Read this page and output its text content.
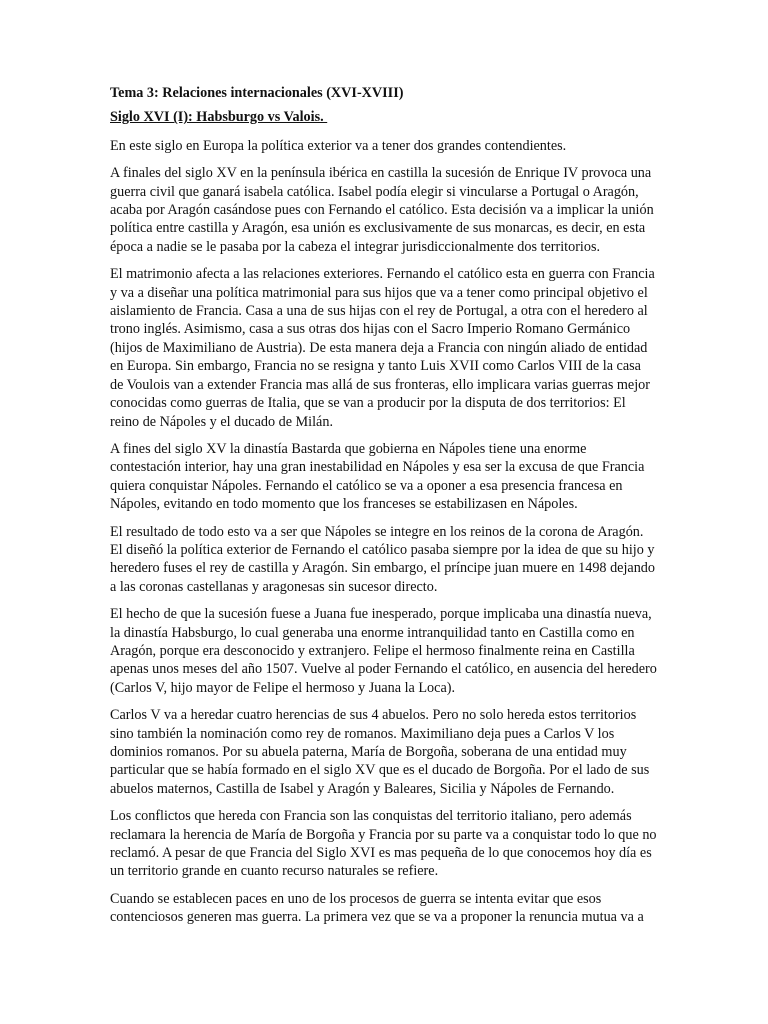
Tema 3: Relaciones internacionales (XVI-XVIII)
Siglo XVI (I): Habsburgo vs Valois.
En este siglo en Europa la política exterior va a tener dos grandes contendientes.
A finales del siglo XV en la península ibérica en castilla la sucesión de Enrique IV provoca una
guerra civil que ganará isabela católica. Isabel podía elegir si vincularse a Portugal o Aragón,
acaba por Aragón casándose pues con Fernando el católico. Esta decisión va a implicar la unión
política entre castilla y Aragón, esa unión es exclusivamente de sus monarcas, es decir, en esta
época a nadie se le pasaba por la cabeza el integrar jurisdiccionalmente dos territorios.
El matrimonio afecta a las relaciones exteriores. Fernando el católico esta en guerra con Francia
y va a diseñar una política matrimonial para sus hijos que va a tener como principal objetivo el
aislamiento de Francia. Casa a una de sus hijas con el rey de Portugal, a otra con el heredero al
trono inglés. Asimismo, casa a sus otras dos hijas con el Sacro Imperio Romano Germánico
(hijos de Maximiliano de Austria). De esta manera deja a Francia con ningún aliado de entidad
en Europa. Sin embargo, Francia no se resigna y tanto Luis XVII como Carlos VIII de la casa
de Voulois van a extender Francia mas allá de sus fronteras, ello implicara varias guerras mejor
conocidas como guerras de Italia, que se van a producir por la disputa de dos territorios: El
reino de Nápoles y el ducado de Milán.
A fines del siglo XV la dinastía Bastarda que gobierna en Nápoles tiene una enorme
contestación interior, hay una gran inestabilidad en Nápoles y esa ser la excusa de que Francia
quiera conquistar Nápoles. Fernando el católico se va a oponer a esa presencia francesa en
Nápoles, evitando en todo momento que los franceses se estabilizasen en Nápoles.
El resultado de todo esto va a ser que Nápoles se integre en los reinos de la corona de Aragón.
El diseñó la política exterior de Fernando el católico pasaba siempre por la idea de que su hijo y
heredero fuses el rey de castilla y Aragón. Sin embargo, el príncipe juan muere en 1498 dejando
a las coronas castellanas y aragonesas sin sucesor directo.
El hecho de que la sucesión fuese a Juana fue inesperado, porque implicaba una dinastía nueva,
la dinastía Habsburgo, lo cual generaba una enorme intranquilidad tanto en Castilla como en
Aragón, porque era desconocido y extranjero. Felipe el hermoso finalmente reina en Castilla
apenas unos meses del año 1507. Vuelve al poder Fernando el católico, en ausencia del heredero
(Carlos V, hijo mayor de Felipe el hermoso y Juana la Loca).
Carlos V va a heredar cuatro herencias de sus 4 abuelos. Pero no solo hereda estos territorios
sino también la nominación como rey de romanos. Maximiliano deja pues a Carlos V los
dominios romanos. Por su abuela paterna, María de Borgoña, soberana de una entidad muy
particular que se había formado en el siglo XV que es el ducado de Borgoña. Por el lado de sus
abuelos maternos, Castilla de Isabel y Aragón y Baleares, Sicilia y Nápoles de Fernando.
Los conflictos que hereda con Francia son las conquistas del territorio italiano, pero además
reclamara la herencia de María de Borgoña y Francia por su parte va a conquistar todo lo que no
reclamó. A pesar de que Francia del Siglo XVI es mas pequeña de lo que conocemos hoy día es
un territorio grande en cuanto recurso naturales se refiere.
Cuando se establecen paces en uno de los procesos de guerra se intenta evitar que esos
contenciosos generen mas guerra. La primera vez que se va a proponer la renuncia mutua va a
